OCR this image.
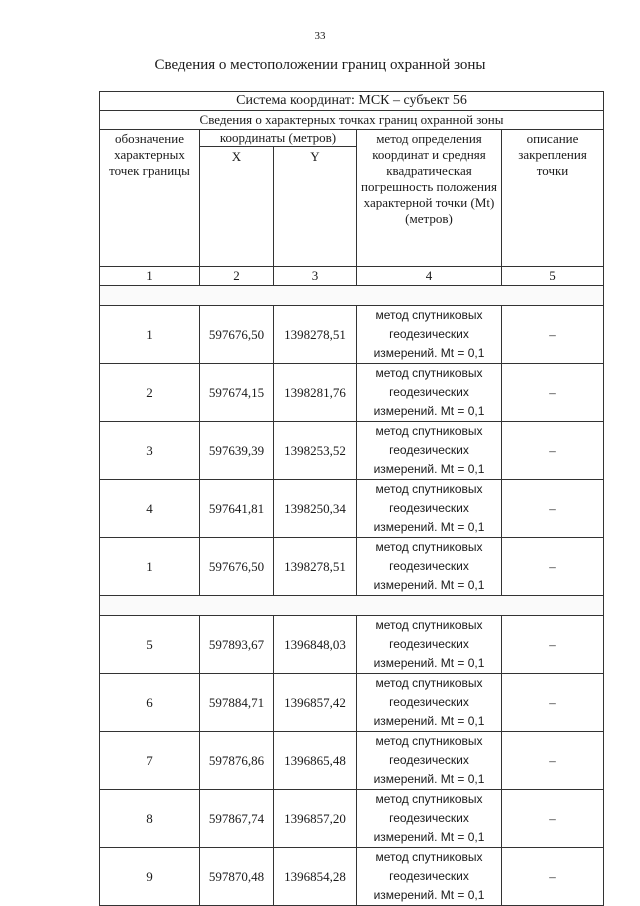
33
Сведения о местоположении границ охранной зоны
Система координат: МСК – субъект 56				
Сведения о характерных точках границ охранной зоны				

обозначение характерных точек границы	координаты (метров)		метод определения координат и средняя квадратическая погрешность положения характерной точки (Mt) (метров)	описание закрепления точки

	X	Y		
1	2	3	4	5

1	597676,50	1398278,51	метод спутниковых геодезических измерений. Mt = 0,1	–
2	597674,15	1398281,76	метод спутниковых геодезических измерений. Mt = 0,1	–
3	597639,39	1398253,52	метод спутниковых геодезических измерений. Mt = 0,1	–
4	597641,81	1398250,34	метод спутниковых геодезических измерений. Mt = 0,1	–
1	597676,50	1398278,51	метод спутниковых геодезических измерений. Mt = 0,1	–

5	597893,67	1396848,03	метод спутниковых геодезических измерений. Mt = 0,1	–
6	597884,71	1396857,42	метод спутниковых геодезических измерений. Mt = 0,1	–
7	597876,86	1396865,48	метод спутниковых геодезических измерений. Mt = 0,1	–
8	597867,74	1396857,20	метод спутниковых геодезических измерений. Mt = 0,1	–
9	597870,48	1396854,28	метод спутниковых геодезических измерений. Mt = 0,1	–
